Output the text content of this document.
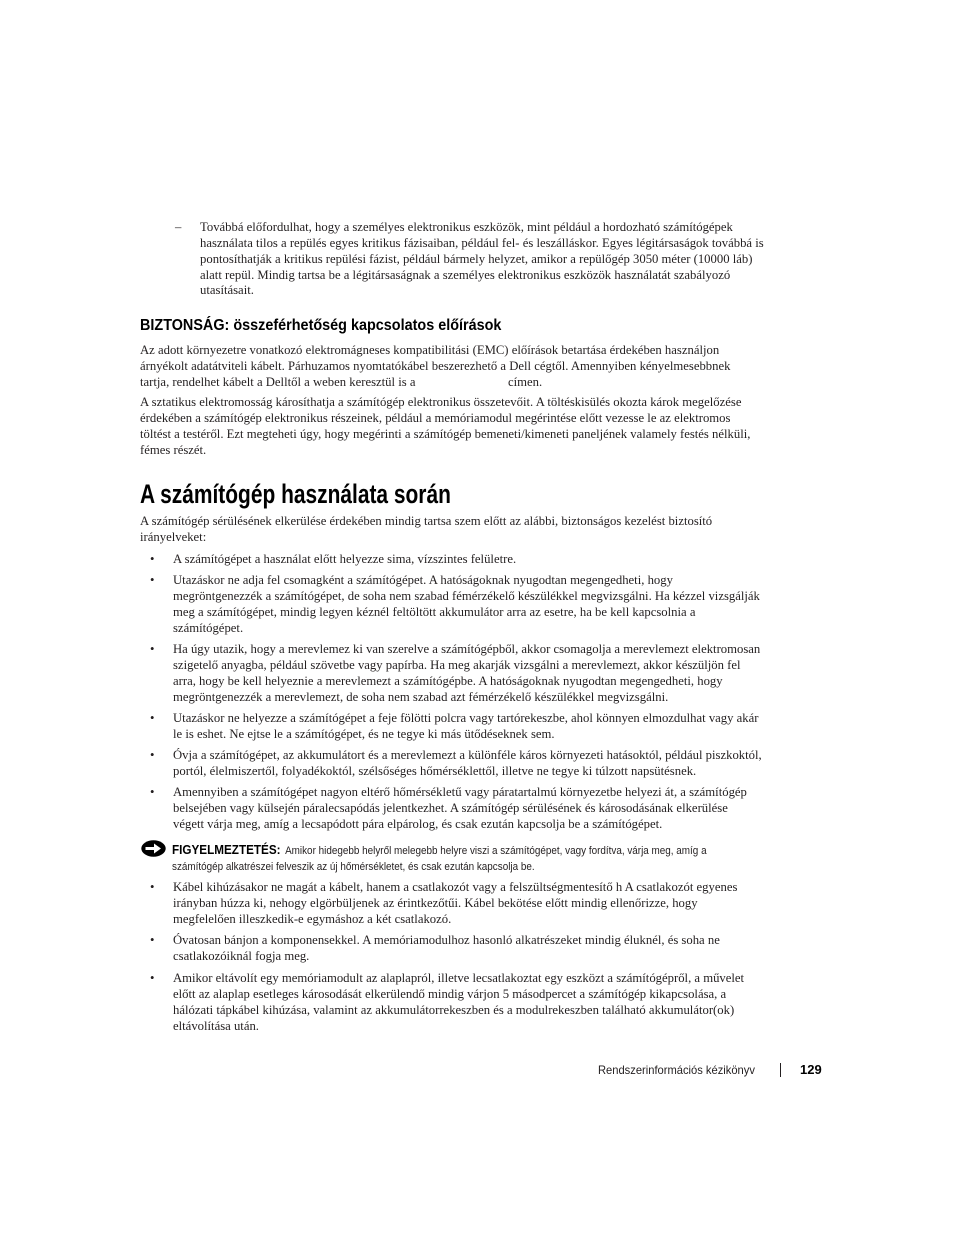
– Továbbá előfordulhat, hogy a személyes elektronikus eszközök, mint például a hordozható számítógépek
használata tilos a repülés egyes kritikus fázisaiban, például fel- és leszálláskor. Egyes légitársaságok továbbá is
pontosíthatják a kritikus repülési fázist, például bármely helyzet, amikor a repülőgép 3050 méter (10000 láb)
alatt repül. Mindig tartsa be a légitársaságnak a személyes elektronikus eszközök használatát szabályozó
utasításait.
BIZTONSÁG: összeférhetőség kapcsolatos előírások
Az adott környezetre vonatkozó elektromágneses kompatibilitási (EMC) előírások betartása érdekében használjon
árnyékolt adatátviteli kábelt. Párhuzamos nyomtatókábel beszerezhető a Dell cégtől. Amennyiben kényelmesebbnek
tartja, rendelhet kábelt a Delltől a weben keresztül is a	címen.
A sztatikus elektromosság károsíthatja a számítógép elektronikus összetevőit. A töltéskisülés okozta károk megelőzése
érdekében a számítógép elektronikus részeinek, például a memóriamodul megérintése előtt vezesse le az elektromos
töltést a testéről. Ezt megteheti úgy, hogy megérinti a számítógép bemeneti/kimeneti paneljének valamely festés nélküli,
fémes részét.
A számítógép használata során
A számítógép sérülésének elkerülése érdekében mindig tartsa szem előtt az alábbi, biztonságos kezelést biztosító
irányelveket:
•	A számítógépet a használat előtt helyezze sima, vízszintes felületre.
•	Utazáskor ne adja fel csomagként a számítógépet. A hatóságoknak nyugodtan megengedheti, hogy
megröntgenezzék a számítógépet, de soha nem szabad fémérzékelő készülékkel megvizsgálni. Ha kézzel vizsgálják
meg a számítógépet, mindig legyen kéznél feltöltött akkumulátor arra az esetre, ha be kell kapcsolnia a
számítógépet.
•	Ha úgy utazik, hogy a merevlemez ki van szerelve a számítógépből, akkor csomagolja a merevlemezt elektromosan
szigetelő anyagba, például szövetbe vagy papírba. Ha meg akarják vizsgálni a merevlemezt, akkor készüljön fel
arra, hogy be kell helyeznie a merevlemezt a számítógépbe. A hatóságoknak nyugodtan megengedheti, hogy
megröntgenezzék a merevlemezt, de soha nem szabad azt fémérzékelő készülékkel megvizsgálni.
•	Utazáskor ne helyezze a számítógépet a feje fölötti polcra vagy tartórekeszbe, ahol könnyen elmozdulhat vagy akár
le is eshet. Ne ejtse le a számítógépet, és ne tegye ki más ütődéseknek sem.
•	Óvja a számítógépet, az akkumulátort és a merevlemezt a különféle káros környezeti hatásoktól, például piszkoktól,
portól, élelmiszertől, folyadékoktól, szélsőséges hőmérséklettől, illetve ne tegye ki túlzott napsütésnek.
•	Amennyiben a számítógépet nagyon eltérő hőmérsékletű vagy páratartalmú környezetbe helyezi át, a számítógép
belsejében vagy külsején páralecsapódás jelentkezhet. A számítógép sérülésének és károsodásának elkerülése
végett várja meg, amíg a lecsapódott pára elpárolog, és csak ezután kapcsolja be a számítógépet.
FIGYELMEZTETÉS: Amikor hidegebb helyről melegebb helyre viszi a számítógépet, vagy fordítva, várja meg, amíg a
számítógép alkatrészei felveszik az új hőmérsékletet, és csak ezután kapcsolja be.
•	Kábel kihúzásakor ne magát a kábelt, hanem a csatlakozót vagy a felszültségmentesítő h A csatlakozót egyenes
irányban húzza ki, nehogy elgörbüljenek az érintkezőtűi. Kábel bekötése előtt mindig ellenőrizze, hogy
megfelelően illeszkedik-e egymáshoz a két csatlakozó.
•	Óvatosan bánjon a komponensekkel. A memóriamodulhoz hasonló alkatrészeket mindig éluknél, és soha ne
csatlakozóiknál fogja meg.
•	Amikor eltávolít egy memóriamodult az alaplapról, illetve lecsatlakoztat egy eszközt a számítógépről, a művelet
előtt az alaplap esetleges károsodását elkerülendő mindig várjon 5 másodpercet a számítógép kikapcsolása, a
hálózati tápkábel kihúzása, valamint az akkumulátorrekeszben és a modulrekeszben található akkumulátor(ok)
eltávolítása után.
Rendszerinformációs kézikönyv	129
